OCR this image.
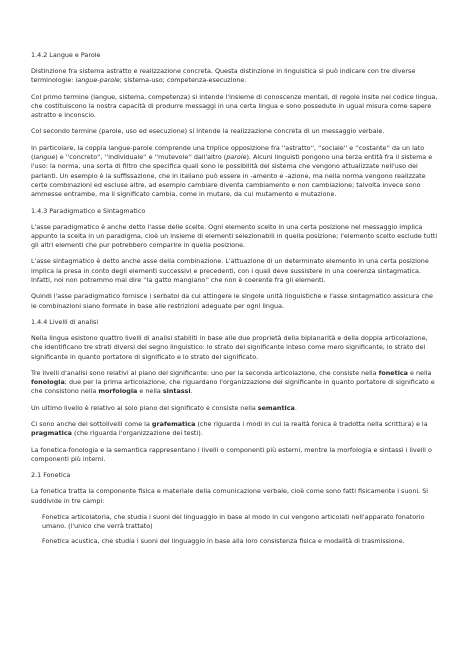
1.4.2 Langue e Parole

Distinzione fra sistema astratto e realizzazione concreta. Questa distinzione in linguistica si può indicare con tre diverse terminologie: langue-parole; sistema-uso; competenza-esecuzione.

Col primo termine (langue, sistema, competenza) si intende l'insieme di conoscenze mentali, di regole insite nel codice lingua, che costituiscono la nostra capacità di produrre messaggi in una certa lingua e sono possedute in ugual misura come sapere astratto e inconscio.

Col secondo termine (parole, uso ed esecuzione) si intende la realizzazione concreta di un messaggio verbale.

In particolare, la coppia langue-parole comprende una triplice opposizione fra ''astratto'', ''sociale'' e ''costante'' da un lato (langue) e ''concreto'', ''individuale'' e ''mutevole'' dall'altro (parole). Alcuni linguisti pongono una terza entità fra il sistema e l'uso: la norma, una sorta di filtro che specifica quali sono le possibilità del sistema che vengono attualizzate nell'uso dei parlanti. Un esempio è la suffissazione, che in italiano può essere in -amento e -azione, ma nella norma vengono realizzate certe combinazioni ed escluse altre, ad esempio cambiare diventa cambiamento e non cambiazione; talvolta invece sono ammesse entrambe, ma il significato cambia, come in mutare, da cui mutamento e mutazione.

1.4.3 Paradigmatico e Sintagmatico

L'asse paradigmatico è anche detto l'asse delle scelte. Ogni elemento scelto in una certa posizione nel messaggio implica appunto la scelta in un paradigma, cioè un insieme di elementi selezionabili in quella posizione; l'elemento scelto esclude tutti gli altri elementi che pur potrebbero comparire in quella posizione.

L'asse sintagmatico è detto anche asse della combinazione. L'attuazione di un determinato elemento in una certa posizione implica la presa in conto degli elementi successivi e precedenti, con i quali deve sussistere in una coerenza sintagmatica. Infatti, noi non potremmo mai dire ''la gatto mangiano'' che non è coerente fra gli elementi.

Quindi l'asse paradigmatico fornisce i serbatoi da cui attingere le singole unità linguistiche e l'asse sintagmatico assicura che le combinazioni siano formate in base alle restrizioni adeguate per ogni lingua.

1.4.4 Livelli di analisi

Nella lingua esistono quattro livelli di analisi stabiliti in base alle due proprietà della biplanarità e della doppia articolazione, che identificano tre strati diversi del segno linguistico: lo strato del significante inteso come mero significante, lo strato del significante in quanto portatore di significato e lo strato del significato.

Tre livelli d'analisi sono relativi al piano del significante: uno per la seconda articolazione, che consiste nella fonetica e nella fonologia; due per la prima articolazione, che riguardano l'organizzazione del significante in quanto portatore di significato e che consistono nella morfologia e nella sintassi.

Un ultimo livello è relativo al solo piano del significato e consiste nella semantica.

Ci sono anche dei sottolivelli come la grafematica (che riguarda i modi in cui la realtà fonica è tradotta nella scrittura) e la pragmatica (che riguarda l'organizzazione dei testi).

La fonetica-fonologia e la semantica rappresentano i livelli o componenti più esterni, mentre la morfologia e sintassi i livelli o componenti più interni.

2.1 Fonetica

La fonetica tratta la componente fisica e materiale della comunicazione verbale, cioè come sono fatti fisicamente i suoni. Si suddivide in tre campi:

Fonetica articolatoria, che studia i suoni del linguaggio in base al modo in cui vengono articolati nell'apparato fonatorio umano. (l'unico che verrà trattato)

Fonetica acustica, che studia i suoni del linguaggio in base alla loro consistenza fisica e modalità di trasmissione.
